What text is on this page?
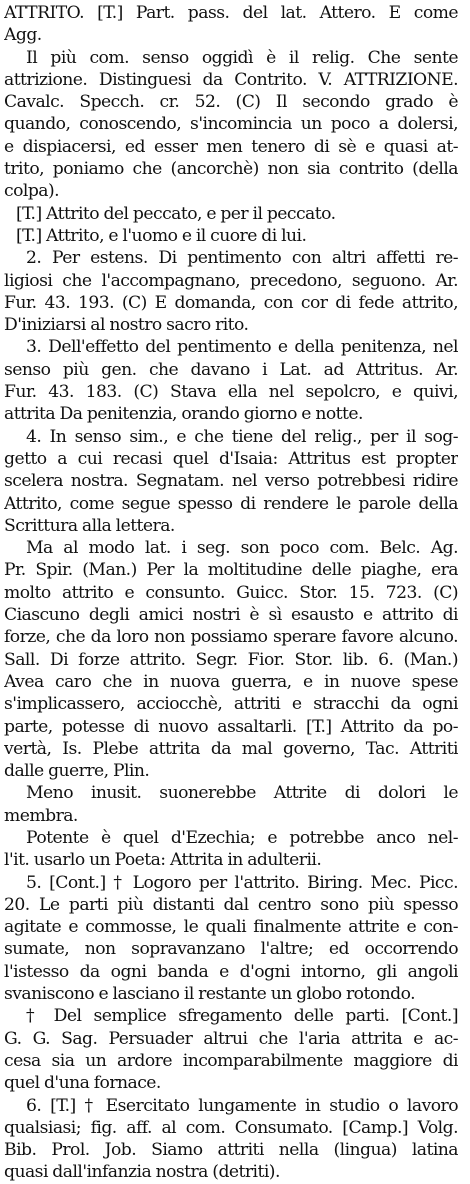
ATTRITO. [T.] Part. pass. del lat. Attero. E come
Agg.
Il più com. senso oggidì è il relig. Che sente
attrizione. Distinguesi da Contrito. V. ATTRIZIONE.
Cavalc. Specch. cr. 52. (C) Il secondo grado è
quando, conoscendo, s'incomincia un poco a dolersi,
e dispiacersi, ed esser men tenero di sè e quasi at-
trito, poniamo che (ancorchè) non sia contrito (della
colpa).
[T.] Attrito del peccato, e per il peccato.
[T.] Attrito, e l'uomo e il cuore di lui.
2. Per estens. Di pentimento con altri affetti re-
ligiosi che l'accompagnano, precedono, seguono. Ar.
Fur. 43. 193. (C) E domanda, con cor di fede attrito,
D'iniziarsi al nostro sacro rito.
3. Dell'effetto del pentimento e della penitenza, nel
senso più gen. che davano i Lat. ad Attritus. Ar.
Fur. 43. 183. (C) Stava ella nel sepolcro, e quivi,
attrita Da penitenzia, orando giorno e notte.
4. In senso sim., e che tiene del relig., per il sog-
getto a cui recasi quel d'Isaia: Attritus est propter
scelera nostra. Segnatam. nel verso potrebbesi ridire
Attrito, come segue spesso di rendere le parole della
Scrittura alla lettera.
Ma al modo lat. i seg. son poco com. Belc. Ag.
Pr. Spir. (Man.) Per la moltitudine delle piaghe, era
molto attrito e consunto. Guicc. Stor. 15. 723. (C)
Ciascuno degli amici nostri è sì esausto e attrito di
forze, che da loro non possiamo sperare favore alcuno.
Sall. Di forze attrito. Segr. Fior. Stor. lib. 6. (Man.)
Avea caro che in nuova guerra, e in nuove spese
s'implicassero, acciocchè, attriti e stracchi da ogni
parte, potesse di nuovo assaltarli. [T.] Attrito da po-
vertà, Is. Plebe attrita da mal governo, Tac. Attriti
dalle guerre, Plin.
Meno inusit. suonerebbe Attrite di dolori le
membra.
Potente è quel d'Ezechia; e potrebbe anco nel-
l'it. usarlo un Poeta: Attrita in adulterii.
5. [Cont.] † Logoro per l'attrito. Biring. Mec. Picc.
20. Le parti più distanti dal centro sono più spesso
agitate e commosse, le quali finalmente attrite e con-
sumate, non sopravanzano l'altre; ed occorrendo
l'istesso da ogni banda e d'ogni intorno, gli angoli
svaniscono e lasciano il restante un globo rotondo.
† Del semplice sfregamento delle parti. [Cont.]
G. G. Sag. Persuader altrui che l'aria attrita e ac-
cesa sia un ardore incomparabilmente maggiore di
quel d'una fornace.
6. [T.] † Esercitato lungamente in studio o lavoro
qualsiasi; fig. aff. al com. Consumato. [Camp.] Volg.
Bib. Prol. Job. Siamo attriti nella (lingua) latina
quasi dall'infanzia nostra (detriti).
